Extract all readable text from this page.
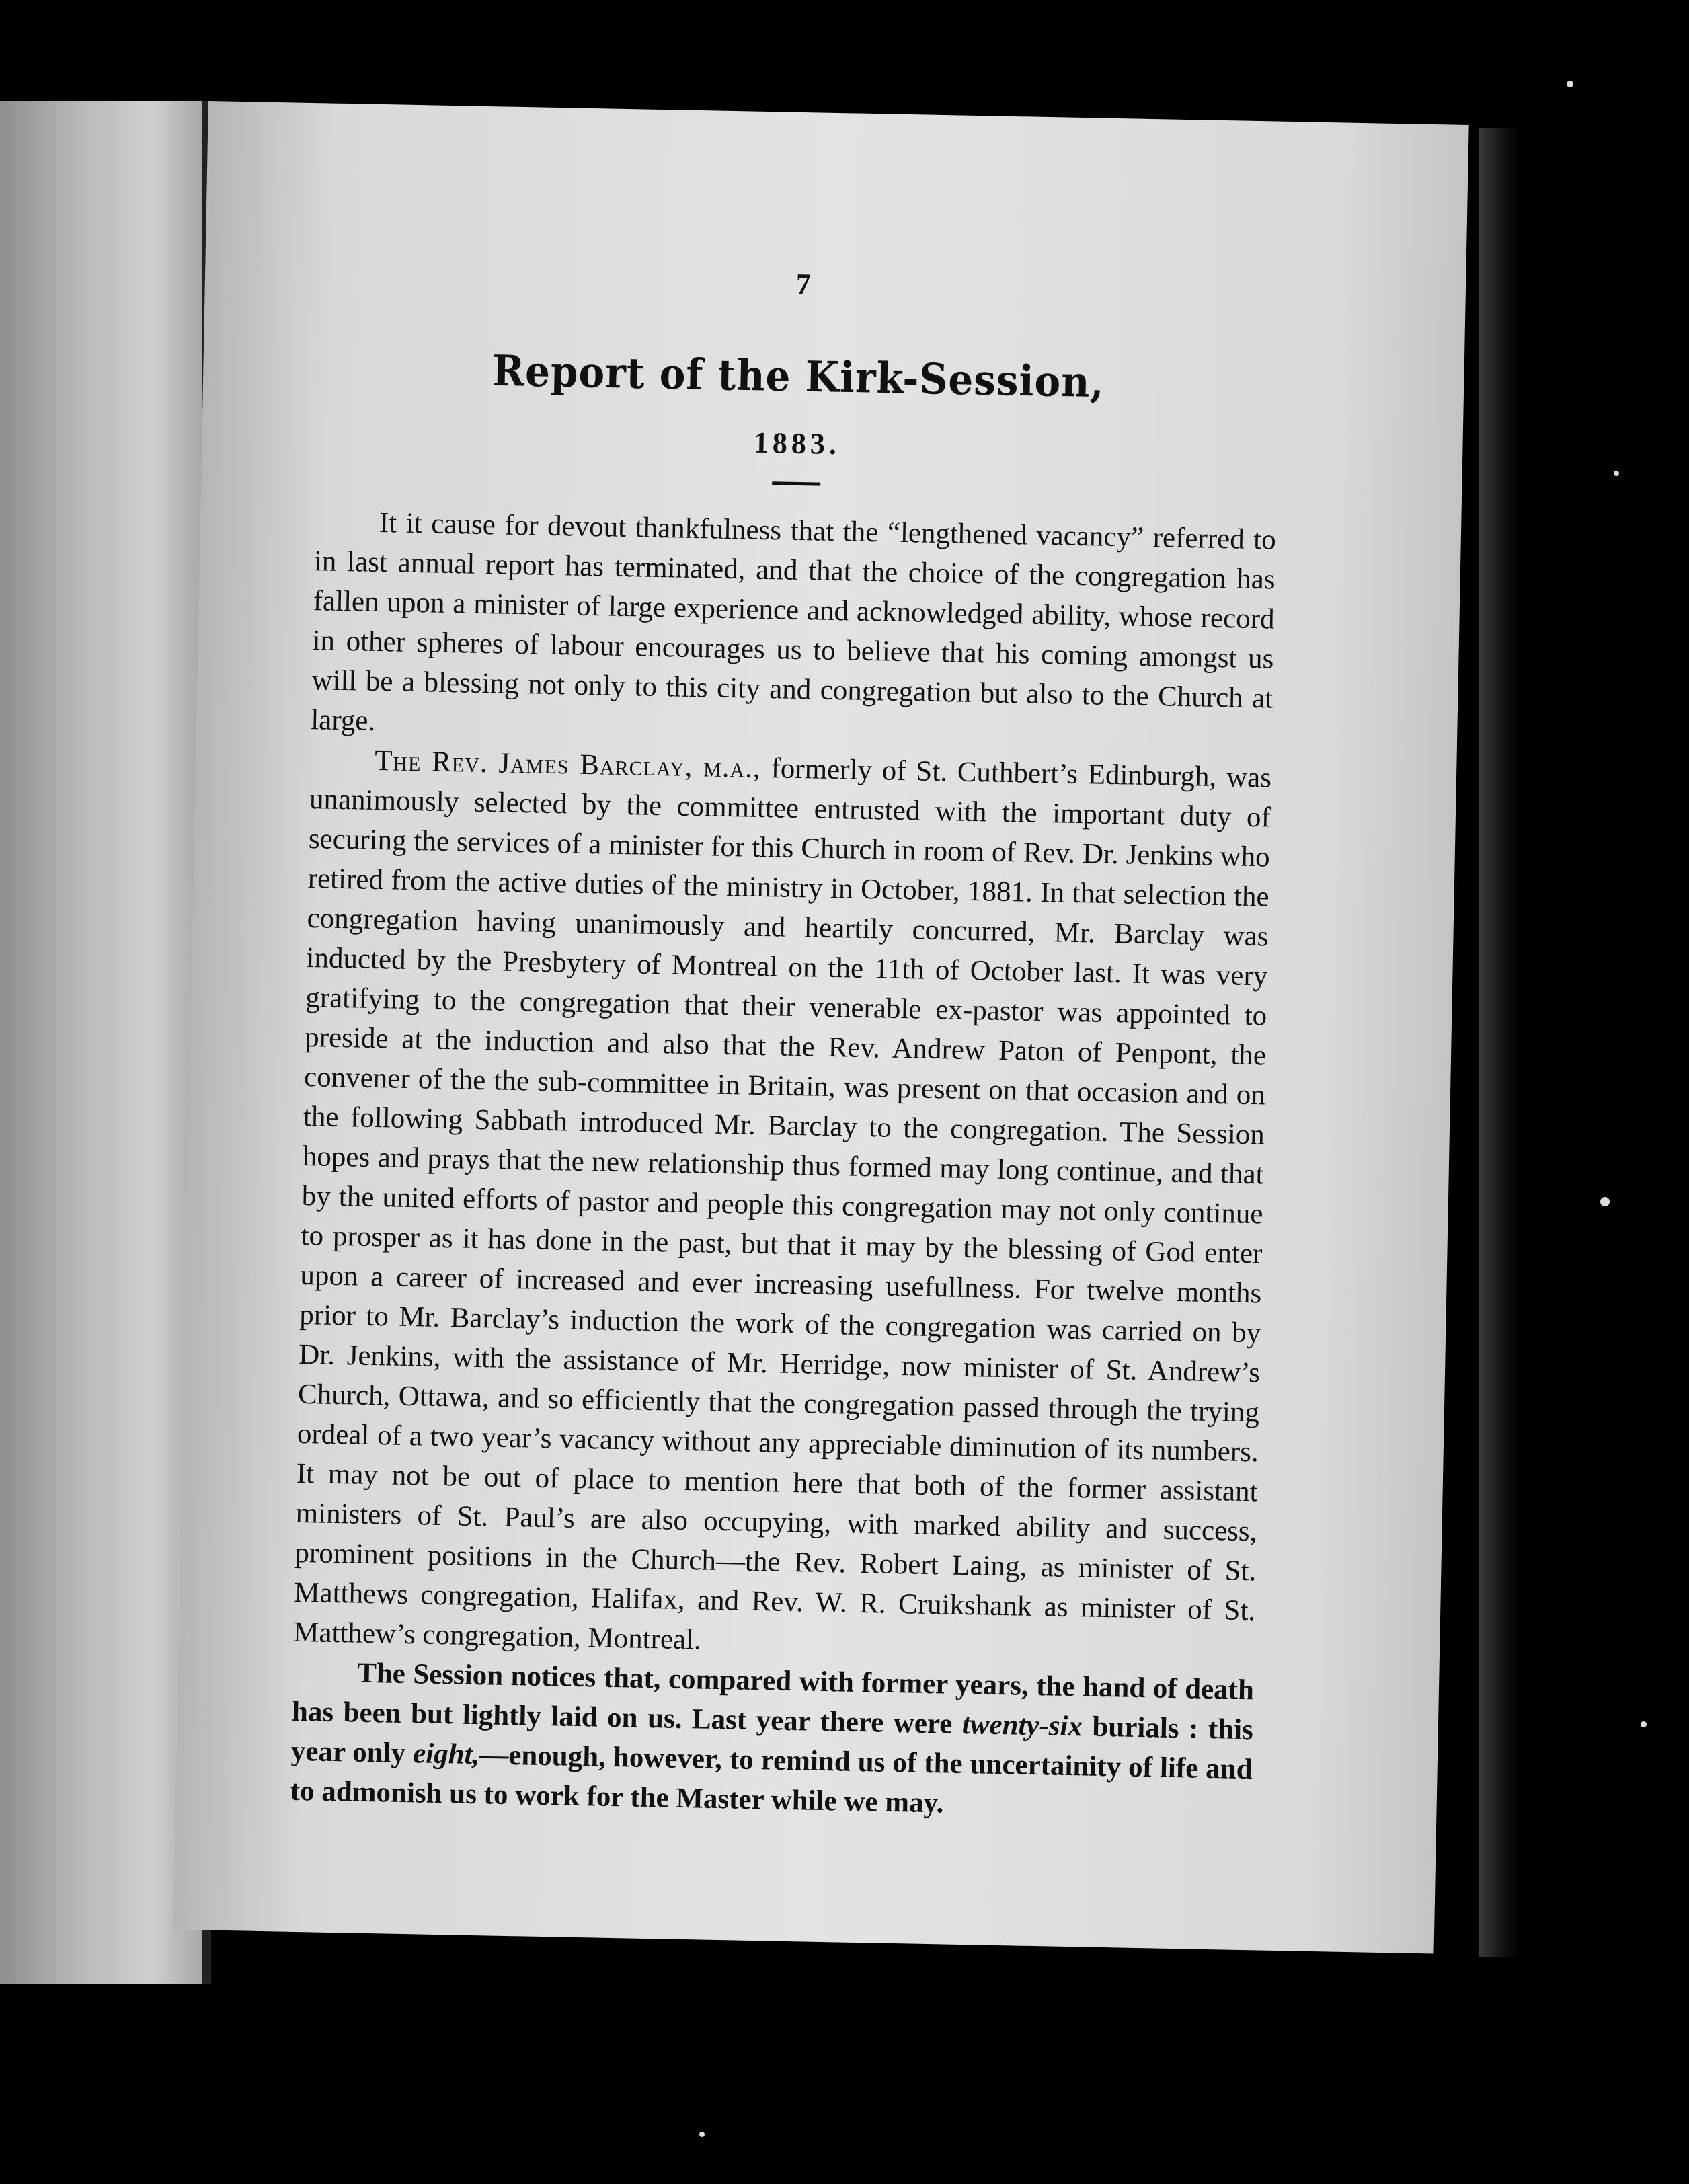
7
Report of the Kirk-Session,
1883.

It it cause for devout thankfulness that the “lengthened vacancy” referred to in last annual report has terminated, and that the choice of the congregation has fallen upon a minister of large experience and acknowledged ability, whose record in other spheres of labour encourages us to believe that his coming amongst us will be a blessing not only to this city and congregation but also to the Church at large.

The Rev. James Barclay, m.a., formerly of St. Cuthbert’s Edinburgh, was unanimously selected by the committee entrusted with the important duty of securing the services of a minister for this Church in room of Rev. Dr. Jenkins who retired from the active duties of the ministry in October, 1881. In that selection the congregation having unanimously and heartily concurred, Mr. Barclay was inducted by the Presbytery of Montreal on the 11th of October last. It was very gratifying to the congregation that their venerable ex-pastor was appointed to preside at the induction and also that the Rev. Andrew Paton of Penpont, the convener of the the sub-committee in Britain, was present on that occasion and on the following Sabbath introduced Mr. Barclay to the congregation. The Session hopes and prays that the new relationship thus formed may long continue, and that by the united efforts of pastor and people this congregation may not only continue to prosper as it has done in the past, but that it may by the blessing of God enter upon a career of increased and ever increasing usefullness. For twelve months prior to Mr. Barclay’s induction the work of the congregation was carried on by Dr. Jenkins, with the assistance of Mr. Herridge, now minister of St. Andrew’s Church, Ottawa, and so efficiently that the congregation passed through the trying ordeal of a two year’s vacancy without any appreciable diminution of its numbers. It may not be out of place to mention here that both of the former assistant ministers of St. Paul’s are also occupying, with marked ability and success, prominent positions in the Church—the Rev. Robert Laing, as minister of St. Matthews congregation, Halifax, and Rev. W. R. Cruikshank as minister of St. Matthew’s congregation, Montreal.

The Session notices that, compared with former years, the hand of death has been but lightly laid on us. Last year there were twenty-six burials : this year only eight,—enough, however, to remind us of the uncertainity of life and to admonish us to work for the Master while we may.
